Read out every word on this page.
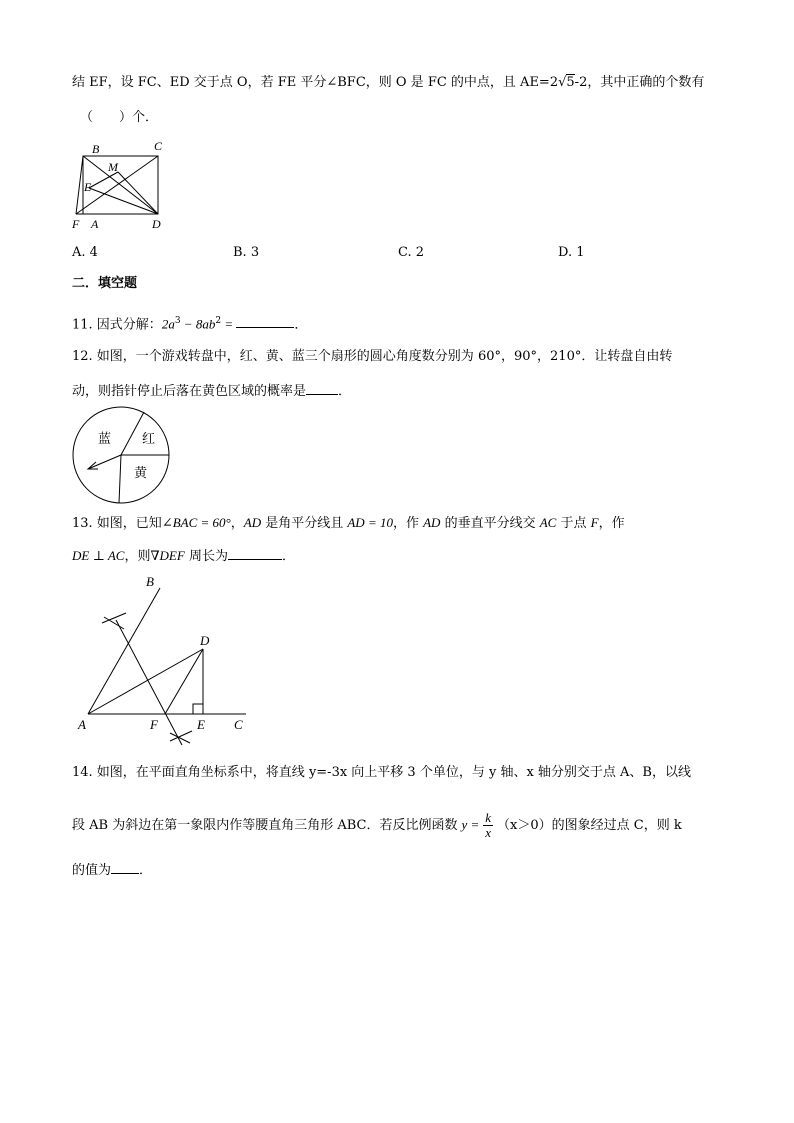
结 EF，设 FC、ED 交于点 O，若 FE 平分∠BFC，则 O 是 FC 的中点，且 AE=2√5-2，其中正确的个数有
（　　）个．
B	C
M
E
F A	D
A. 4	B. 3	C. 2	D. 1
二．填空题
11. 因式分解：$2a^3 - 8ab^2$ =	．
12. 如图，一个游戏转盘中，红、黄、蓝三个扇形的圆心角度数分别为 60°，90°，210°．让转盘自由转
动，则指针停止后落在黄色区域的概率是 ．
蓝 红
黄
13. 如图，已知∠BAC = 60°，AD 是角平分线且 AD = 10，作 AD 的垂直平分线交 AC 于点 F，作
DE ⊥ AC，则∇DEF 周长为	．
B
D
A	F	E C
14. 如图，在平面直角坐标系中，将直线 y=-3x 向上平移 3 个单位，与 y 轴、x 轴分别交于点 A、B，以线
段 AB 为斜边在第一象限内作等腰直角三角形 ABC．若反比例函数 $y = \frac{k}{x} (x>0)$的图象经过点 C，则 k
的值为 ．
